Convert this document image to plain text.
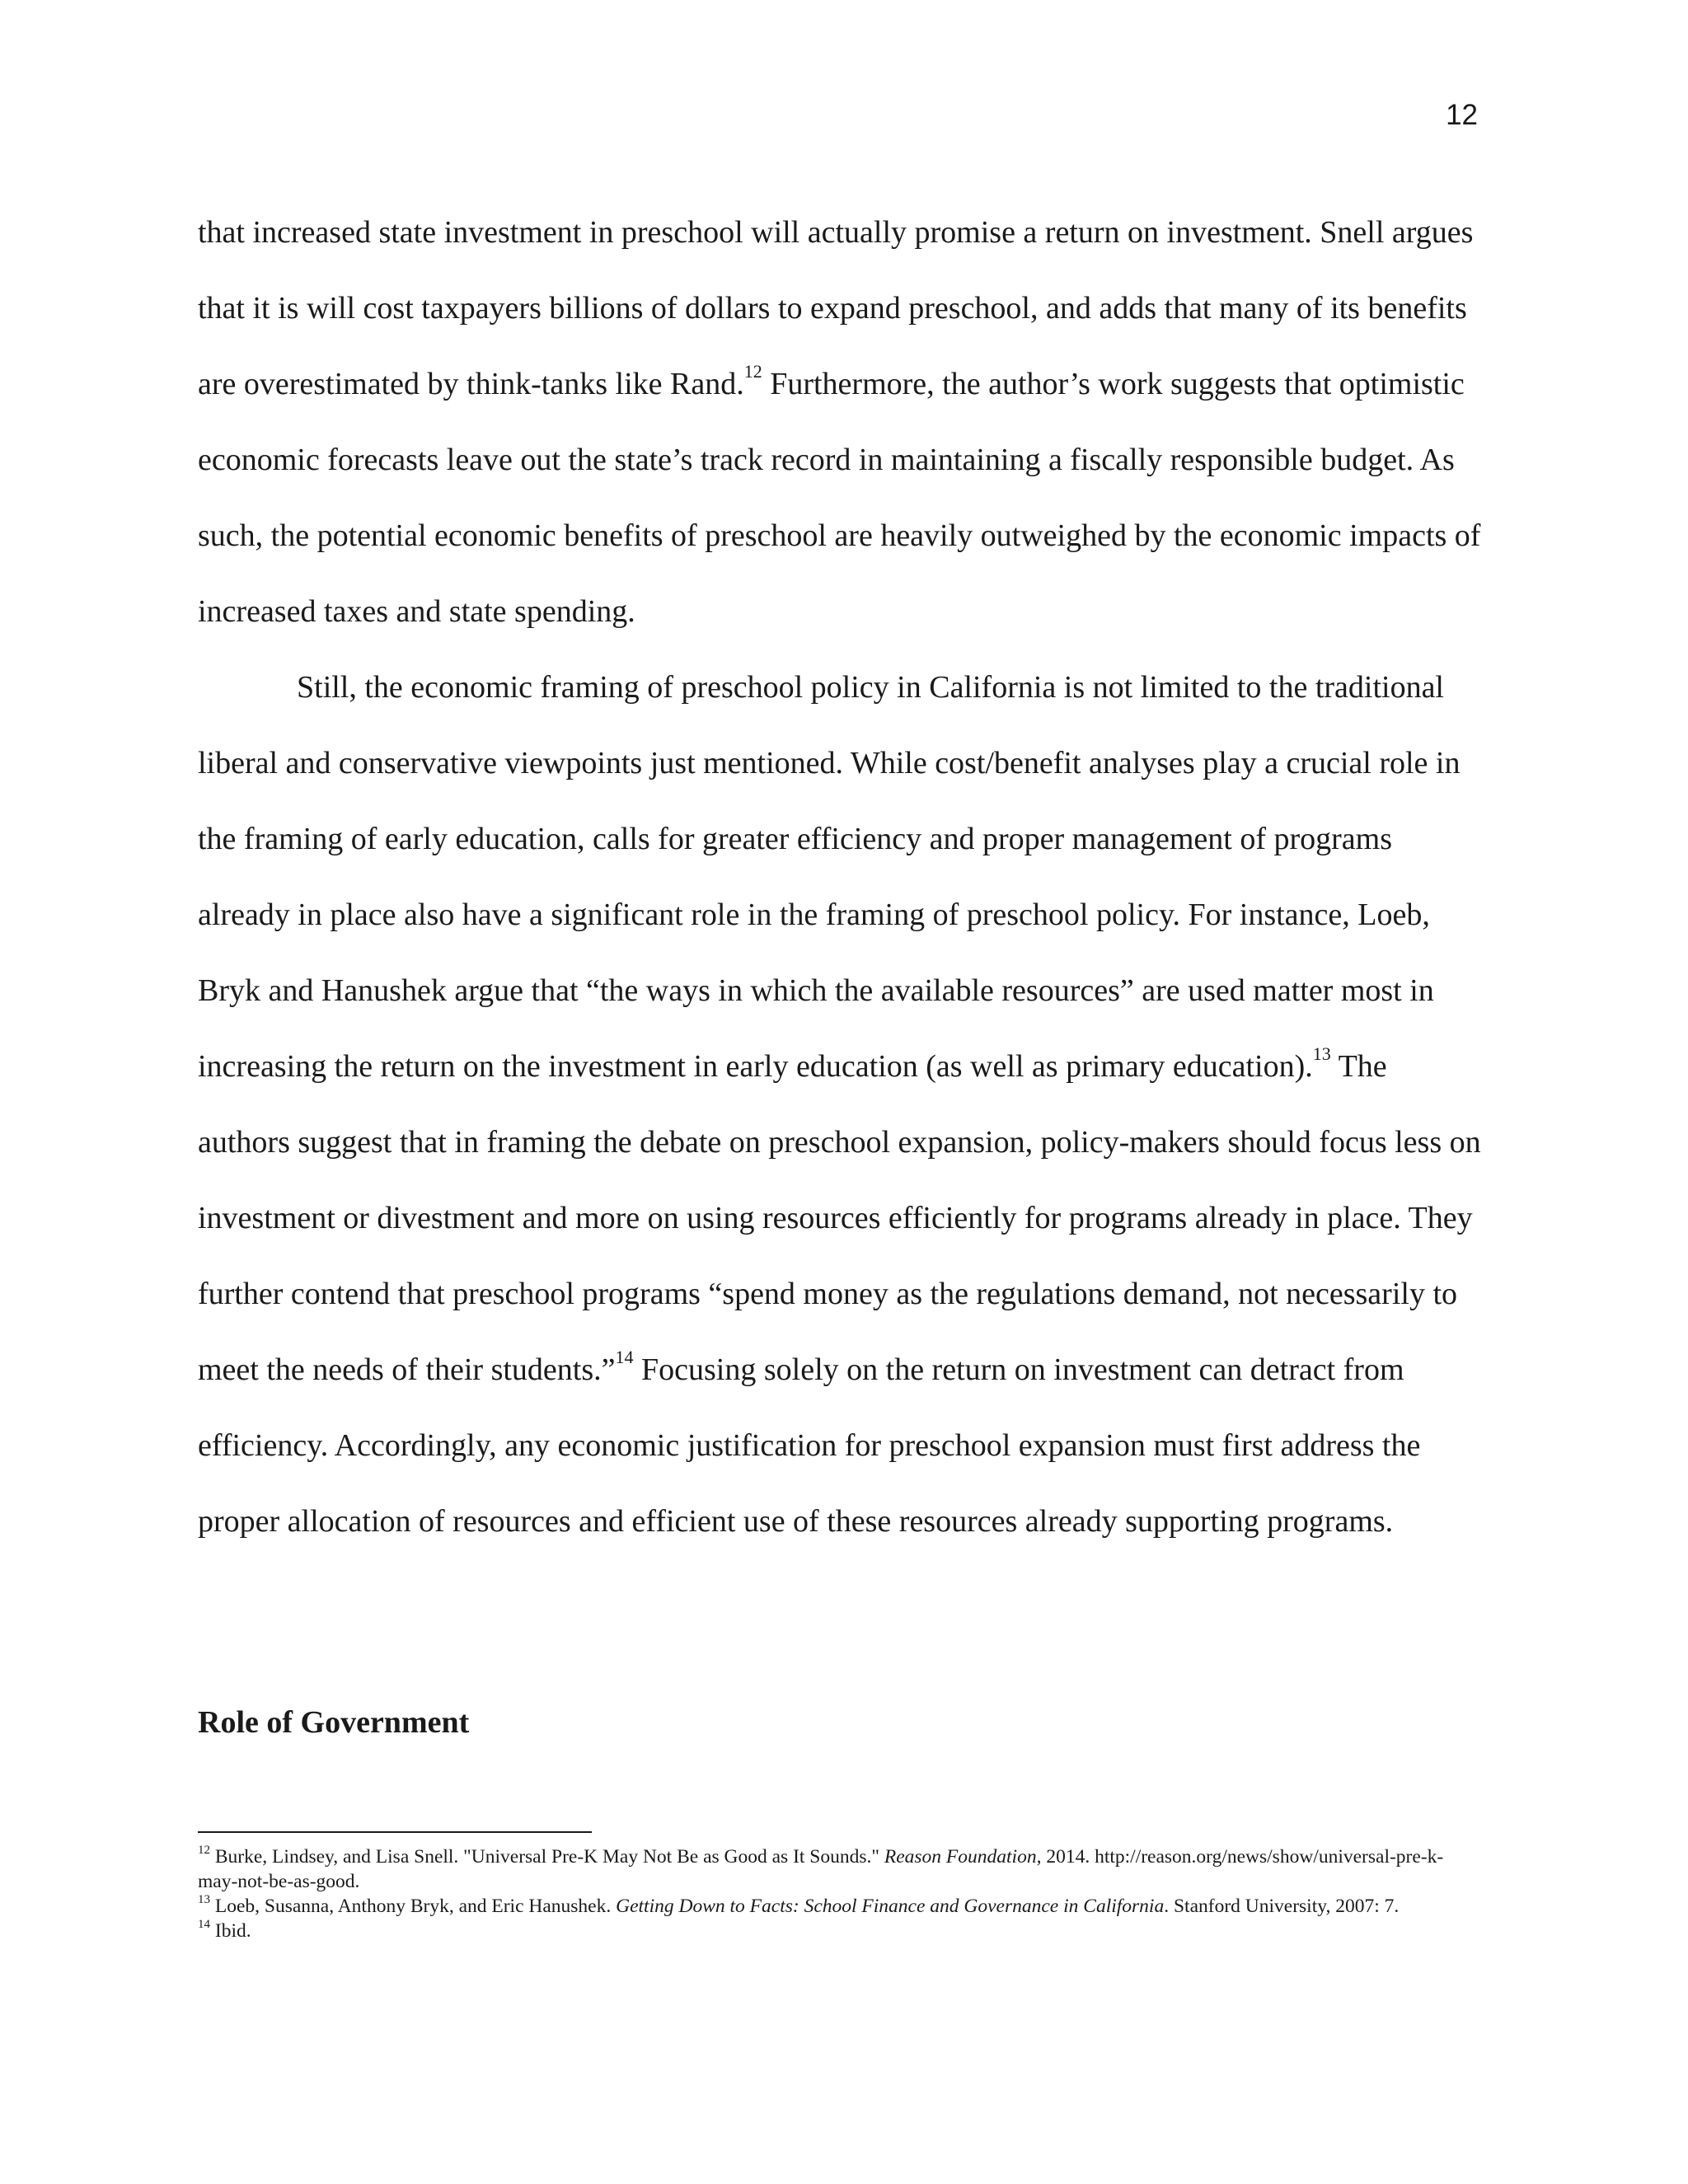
12

that increased state investment in preschool will actually promise a return on investment. Snell argues that it is will cost taxpayers billions of dollars to expand preschool, and adds that many of its benefits are overestimated by think-tanks like Rand.$^{12}$ Furthermore, the author’s work suggests that optimistic economic forecasts leave out the state’s track record in maintaining a fiscally responsible budget. As such, the potential economic benefits of preschool are heavily outweighed by the economic impacts of increased taxes and state spending.

Still, the economic framing of preschool policy in California is not limited to the traditional liberal and conservative viewpoints just mentioned. While cost/benefit analyses play a crucial role in the framing of early education, calls for greater efficiency and proper management of programs already in place also have a significant role in the framing of preschool policy. For instance, Loeb, Bryk and Hanushek argue that “the ways in which the available resources” are used matter most in increasing the return on the investment in early education (as well as primary education).$^{13}$ The authors suggest that in framing the debate on preschool expansion, policy-makers should focus less on investment or divestment and more on using resources efficiently for programs already in place. They further contend that preschool programs “spend money as the regulations demand, not necessarily to meet the needs of their students.”$^{14}$ Focusing solely on the return on investment can detract from efficiency. Accordingly, any economic justification for preschool expansion must first address the proper allocation of resources and efficient use of these resources already supporting programs.

Role of Government

$^{12}$ Burke, Lindsey, and Lisa Snell. "Universal Pre-K May Not Be as Good as It Sounds." Reason Foundation, 2014. http://reason.org/news/show/universal-pre-k-may-not-be-as-good.

$^{13}$ Loeb, Susanna, Anthony Bryk, and Eric Hanushek. Getting Down to Facts: School Finance and Governance in California. Stanford University, 2007: 7.

$^{14}$ Ibid.
